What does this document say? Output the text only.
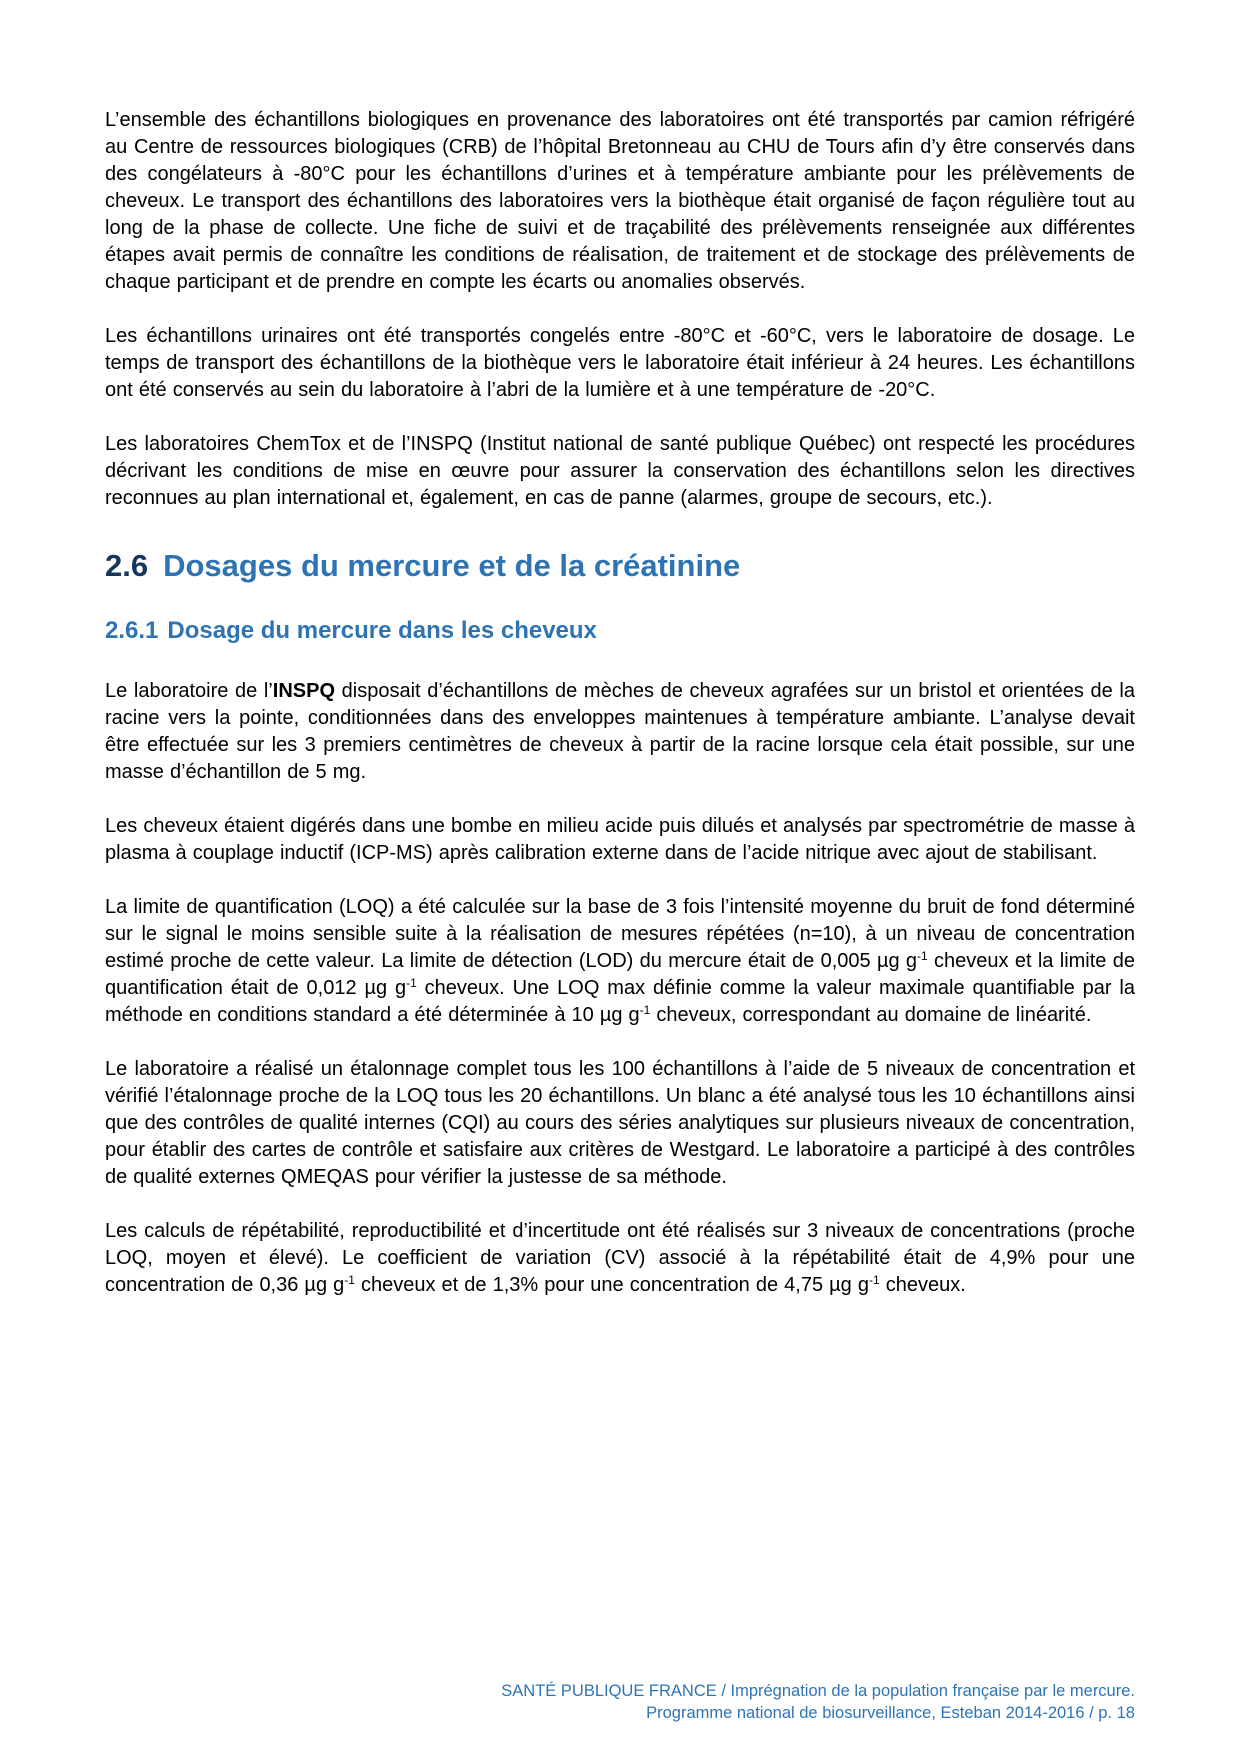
L’ensemble des échantillons biologiques en provenance des laboratoires ont été transportés par camion réfrigéré au Centre de ressources biologiques (CRB) de l’hôpital Bretonneau au CHU de Tours afin d’y être conservés dans des congélateurs à -80°C pour les échantillons d’urines et à température ambiante pour les prélèvements de cheveux. Le transport des échantillons des laboratoires vers la biothèque était organisé de façon régulière tout au long de la phase de collecte. Une fiche de suivi et de traçabilité des prélèvements renseignée aux différentes étapes avait permis de connaître les conditions de réalisation, de traitement et de stockage des prélèvements de chaque participant et de prendre en compte les écarts ou anomalies observés.

Les échantillons urinaires ont été transportés congelés entre -80°C et -60°C, vers le laboratoire de dosage. Le temps de transport des échantillons de la biothèque vers le laboratoire était inférieur à 24 heures. Les échantillons ont été conservés au sein du laboratoire à l’abri de la lumière et à une température de -20°C.

Les laboratoires ChemTox et de l’INSPQ (Institut national de santé publique Québec) ont respecté les procédures décrivant les conditions de mise en œuvre pour assurer la conservation des échantillons selon les directives reconnues au plan international et, également, en cas de panne (alarmes, groupe de secours, etc.).

2.6 Dosages du mercure et de la créatinine
2.6.1 Dosage du mercure dans les cheveux

Le laboratoire de l’INSPQ disposait d’échantillons de mèches de cheveux agrafées sur un bristol et orientées de la racine vers la pointe, conditionnées dans des enveloppes maintenues à température ambiante. L’analyse devait être effectuée sur les 3 premiers centimètres de cheveux à partir de la racine lorsque cela était possible, sur une masse d’échantillon de 5 mg.

Les cheveux étaient digérés dans une bombe en milieu acide puis dilués et analysés par spectrométrie de masse à plasma à couplage inductif (ICP-MS) après calibration externe dans de l’acide nitrique avec ajout de stabilisant.

La limite de quantification (LOQ) a été calculée sur la base de 3 fois l’intensité moyenne du bruit de fond déterminé sur le signal le moins sensible suite à la réalisation de mesures répétées (n=10), à un niveau de concentration estimé proche de cette valeur. La limite de détection (LOD) du mercure était de 0,005 µg $g^{-1}$ cheveux et la limite de quantification était de 0,012 µg $g^{-1}$ cheveux. Une LOQ max définie comme la valeur maximale quantifiable par la méthode en conditions standard a été déterminée à 10 µg $g^{-1}$ cheveux, correspondant au domaine de linéarité.

Le laboratoire a réalisé un étalonnage complet tous les 100 échantillons à l’aide de 5 niveaux de concentration et vérifié l’étalonnage proche de la LOQ tous les 20 échantillons. Un blanc a été analysé tous les 10 échantillons ainsi que des contrôles de qualité internes (CQI) au cours des séries analytiques sur plusieurs niveaux de concentration, pour établir des cartes de contrôle et satisfaire aux critères de Westgard. Le laboratoire a participé à des contrôles de qualité externes QMEQAS pour vérifier la justesse de sa méthode.

Les calculs de répétabilité, reproductibilité et d’incertitude ont été réalisés sur 3 niveaux de concentrations (proche LOQ, moyen et élevé). Le coefficient de variation (CV) associé à la répétabilité était de 4,9% pour une concentration de 0,36 µg $g^{-1}$ cheveux et de 1,3% pour une concentration de 4,75 µg $g^{-1}$ cheveux.

SANTÉ PUBLIQUE FRANCE / Imprégnation de la population française par le mercure.
Programme national de biosurveillance, Esteban 2014-2016 / p. 18
